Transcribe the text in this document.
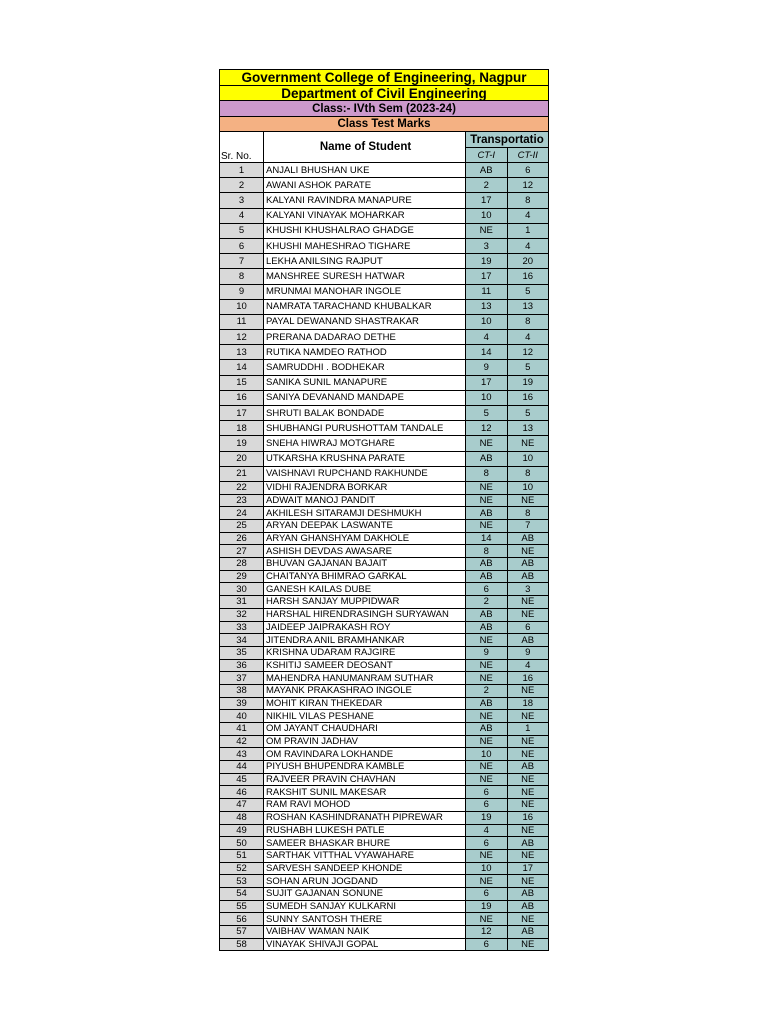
Government College of Engineering, Nagpur
Department of Civil Engineering
Class:- IVth Sem (2023-24)
Class Test Marks
Sr. No.	Name of Student	Transportatio	
		CT-I	CT-II
1	ANJALI BHUSHAN UKE	AB	6
2	AWANI ASHOK PARATE	2	12
3	KALYANI RAVINDRA MANAPURE	17	8
4	KALYANI VINAYAK MOHARKAR	10	4
5	KHUSHI KHUSHALRAO GHADGE	NE	1
6	KHUSHI MAHESHRAO TIGHARE	3	4
7	LEKHA ANILSING RAJPUT	19	20
8	MANSHREE SURESH HATWAR	17	16
9	MRUNMAI MANOHAR INGOLE	11	5
10	NAMRATA TARACHAND KHUBALKAR	13	13
11	PAYAL DEWANAND SHASTRAKAR	10	8
12	PRERANA DADARAO DETHE	4	4
13	RUTIKA NAMDEO RATHOD	14	12
14	SAMRUDDHI . BODHEKAR	9	5
15	SANIKA SUNIL MANAPURE	17	19
16	SANIYA DEVANAND MANDAPE	10	16
17	SHRUTI BALAK BONDADE	5	5
18	SHUBHANGI PURUSHOTTAM TANDALE	12	13
19	SNEHA HIWRAJ MOTGHARE	NE	NE
20	UTKARSHA KRUSHNA PARATE	AB	10
21	VAISHNAVI RUPCHAND RAKHUNDE	8	8
22	VIDHI RAJENDRA BORKAR	NE	10
23	ADWAIT MANOJ PANDIT	NE	NE
24	AKHILESH SITARAMJI DESHMUKH	AB	8
25	ARYAN DEEPAK LASWANTE	NE	7
26	ARYAN GHANSHYAM DAKHOLE	14	AB
27	ASHISH DEVDAS AWASARE	8	NE
28	BHUVAN GAJANAN BAJAIT	AB	AB
29	CHAITANYA BHIMRAO GARKAL	AB	AB
30	GANESH KAILAS DUBE	6	3
31	HARSH SANJAY MUPPIDWAR	2	NE
32	HARSHAL HIRENDRASINGH SURYAWAN	AB	NE
33	JAIDEEP JAIPRAKASH ROY	AB	6
34	JITENDRA ANIL BRAMHANKAR	NE	AB
35	KRISHNA UDARAM RAJGIRE	9	9
36	KSHITIJ SAMEER DEOSANT	NE	4
37	MAHENDRA HANUMANRAM SUTHAR	NE	16
38	MAYANK PRAKASHRAO INGOLE	2	NE
39	MOHIT KIRAN THEKEDAR	AB	18
40	NIKHIL VILAS PESHANE	NE	NE
41	OM JAYANT CHAUDHARI	AB	1
42	OM PRAVIN JADHAV	NE	NE
43	OM RAVINDARA LOKHANDE	10	NE
44	PIYUSH BHUPENDRA KAMBLE	NE	AB
45	RAJVEER PRAVIN CHAVHAN	NE	NE
46	RAKSHIT SUNIL MAKESAR	6	NE
47	RAM RAVI MOHOD	6	NE
48	ROSHAN KASHINDRANATH PIPREWAR	19	16
49	RUSHABH LUKESH PATLE	4	NE
50	SAMEER BHASKAR BHURE	6	AB
51	SARTHAK VITTHAL VYAWAHARE	NE	NE
52	SARVESH SANDEEP KHONDE	10	17
53	SOHAN ARUN JOGDAND	NE	NE
54	SUJIT GAJANAN SONUNE	6	AB
55	SUMEDH SANJAY KULKARNI	19	AB
56	SUNNY SANTOSH THERE	NE	NE
57	VAIBHAV WAMAN NAIK	12	AB
58	VINAYAK SHIVAJI GOPAL	6	NE
